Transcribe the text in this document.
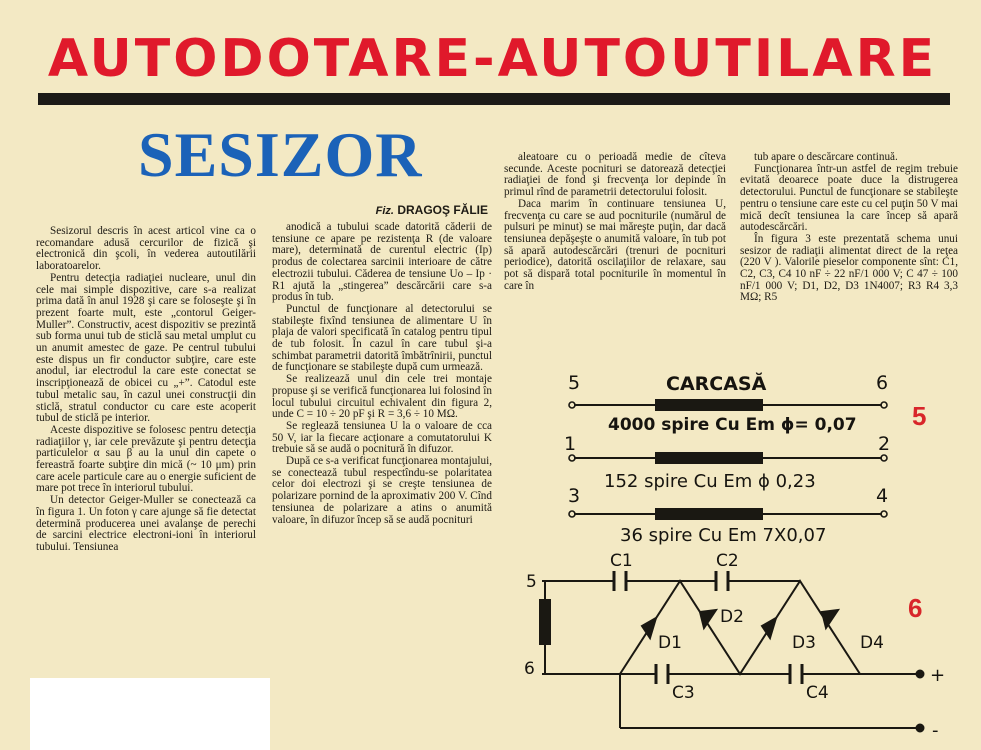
AUTODOTARE-AUTOUTILARE
SESIZOR
Fiz. DRAGOŞ FĂLIE

Sesizorul descris în acest articol vine ca o recomandare adusă cercurilor de fizică şi electronică din şcoli, în vederea autoutilării laboratoarelor.

Pentru detecţia radiaţiei nucleare, unul din cele mai simple dispozitive, care s-a realizat prima dată în anul 1928 şi care se foloseşte şi în prezent foarte mult, este „contorul Geiger-Muller”. Constructiv, acest dispozitiv se prezintă sub forma unui tub de sticlă sau metal umplut cu un anumit amestec de gaze. Pe centrul tubului este dispus un fir conductor subţire, care este anodul, iar electrodul la care este conectat se inscripţionează de obicei cu „+”. Catodul este tubul metalic sau, în cazul unei construcţii din sticlă, stratul conductor cu care este acoperit tubul de sticlă pe interior.

Aceste dispozitive se folosesc pentru detecţia radiaţiilor γ, iar cele prevăzute şi pentru detecţia particulelor α sau β au la unul din capete o fereastră foarte subţire din mică (~ 10 μm) prin care acele particule care au o energie suficient de mare pot trece în interiorul tubului.

Un detector Geiger-Muller se conectează ca în figura 1. Un foton γ care ajunge să fie detectat determină producerea unei avalanşe de perechi de sarcini electrice electroni-ioni în interiorul tubului. Tensiunea

anodică a tubului scade datorită căderii de tensiune ce apare pe rezistenţa R (de valoare mare), determinată de curentul electric (Ip) produs de colectarea sarcinii interioare de către electrozii tubului. Căderea de tensiune Uo – Ip · R1 ajută la „stingerea” descărcării care s-a produs în tub.

Punctul de funcţionare al detectorului se stabileşte fixînd tensiunea de alimentare U în plaja de valori specificată în catalog pentru tipul de tub folosit. În cazul în care tubul şi-a schimbat parametrii datorită îmbătrînirii, punctul de funcţionare se stabileşte după cum urmează.

Se realizează unul din cele trei montaje propuse şi se verifică funcţionarea lui folosind în locul tubului circuitul echivalent din figura 2, unde C = 10 ÷ 20 pF şi R = 3,6 ÷ 10 MΩ.

Se reglează tensiunea U la o valoare de cca 50 V, iar la fiecare acţionare a comutatorului K trebuie să se audă o pocnitură în difuzor.

După ce s-a verificat funcţionarea montajului, se conectează tubul respectîndu-se polaritatea celor doi electrozi şi se creşte tensiunea de polarizare pornind de la aproximativ 200 V. Cînd tensiunea de polarizare a atins o anumită valoare, în difuzor încep să se audă pocnituri

aleatoare cu o perioadă medie de cîteva secunde. Aceste pocnituri se datorează detecţiei radiaţiei de fond şi frecvenţa lor depinde în primul rînd de parametrii detectorului folosit.

Daca marim în continuare tensiunea U, frecvenţa cu care se aud pocniturile (numărul de pulsuri pe minut) se mai măreşte puţin, dar dacă tensiunea depăşeşte o anumită valoare, în tub pot să apară autodescărcări (trenuri de pocnituri periodice), datorită oscilaţiilor de relaxare, sau pot să dispară total pocniturile în momentul în care în

tub apare o descărcare continuă.

Funcţionarea într-un astfel de regim trebuie evitată deoarece poate duce la distrugerea detectorului. Punctul de funcţionare se stabileşte pentru o tensiune care este cu cel puţin 50 V mai mică decît tensiunea la care încep să apară autodescărcări.

În figura 3 este prezentată schema unui sesizor de radiaţii alimentat direct de la reţea (220 V ). Valorile pieselor componente sînt: C1, C2, C3, C4 10 nF ÷ 22 nF/1 000 V; C 47 ÷ 100 nF/1 000 V; D1, D2, D3 1N4007; R3 R4 3,3 MΩ; R5

5
CARCASĂ
5	6
4000 spire Cu Em ϕ= 0,07
1	2
152 spire Cu Em ϕ 0,23
3	4
36 spire Cu Em 7X0,07
6
5
6
C1	C2
C3	C4
D1
D2
D3	D4
+
-
